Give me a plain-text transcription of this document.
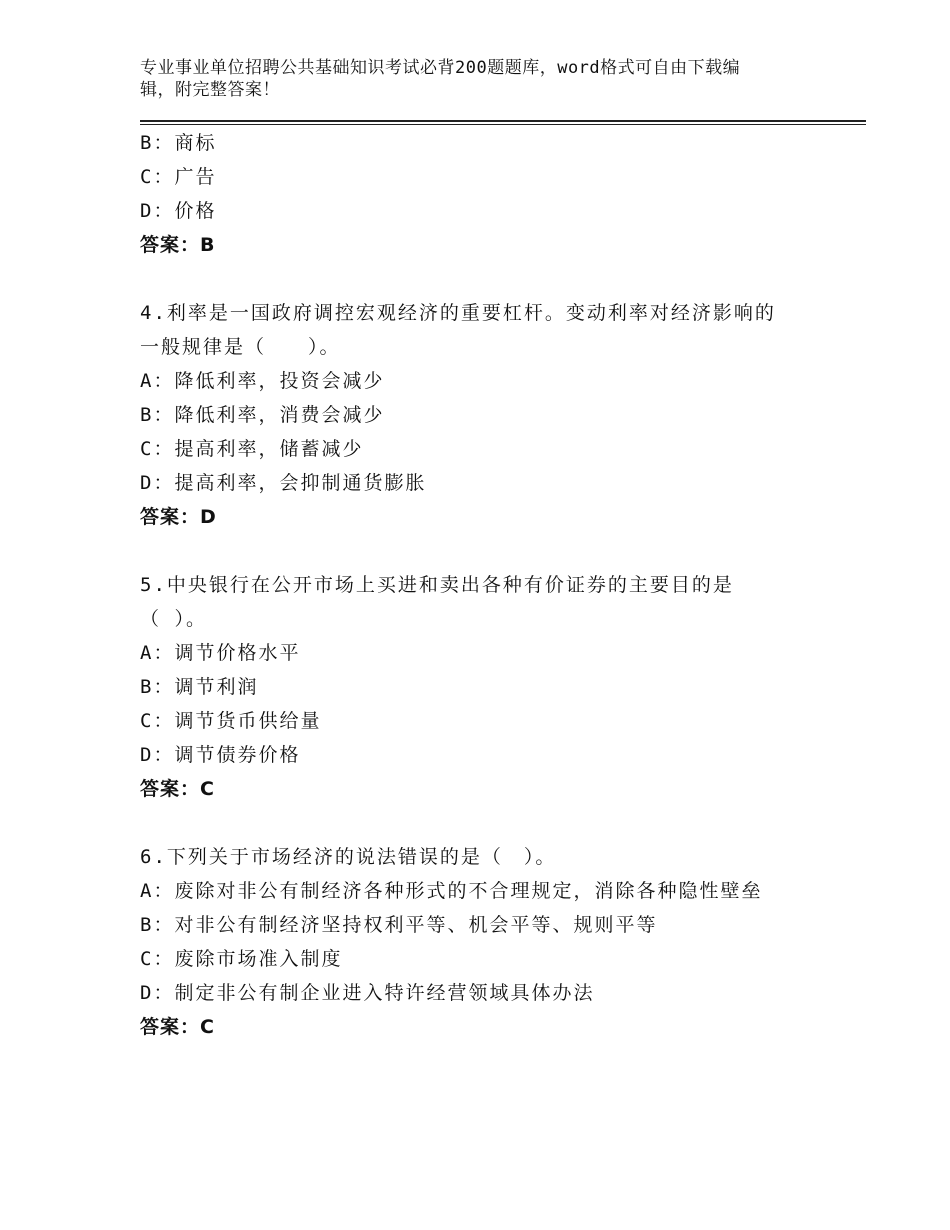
专业事业单位招聘公共基础知识考试必背200题题库，word格式可自由下载编
辑，附完整答案！
B：商标
C：广告
D：价格
答案：B
4.利率是一国政府调控宏观经济的重要杠杆。变动利率对经济影响的
一般规律是（　　）。
A：降低利率，投资会减少
B：降低利率，消费会减少
C：提高利率，储蓄减少
D：提高利率，会抑制通货膨胀
答案：D
5.中央银行在公开市场上买进和卖出各种有价证券的主要目的是
（ ）。
A：调节价格水平
B：调节利润
C：调节货币供给量
D：调节债券价格
答案：C
6.下列关于市场经济的说法错误的是（　）。
A：废除对非公有制经济各种形式的不合理规定，消除各种隐性壁垒
B：对非公有制经济坚持权利平等、机会平等、规则平等
C：废除市场准入制度
D：制定非公有制企业进入特许经营领域具体办法
答案：C
